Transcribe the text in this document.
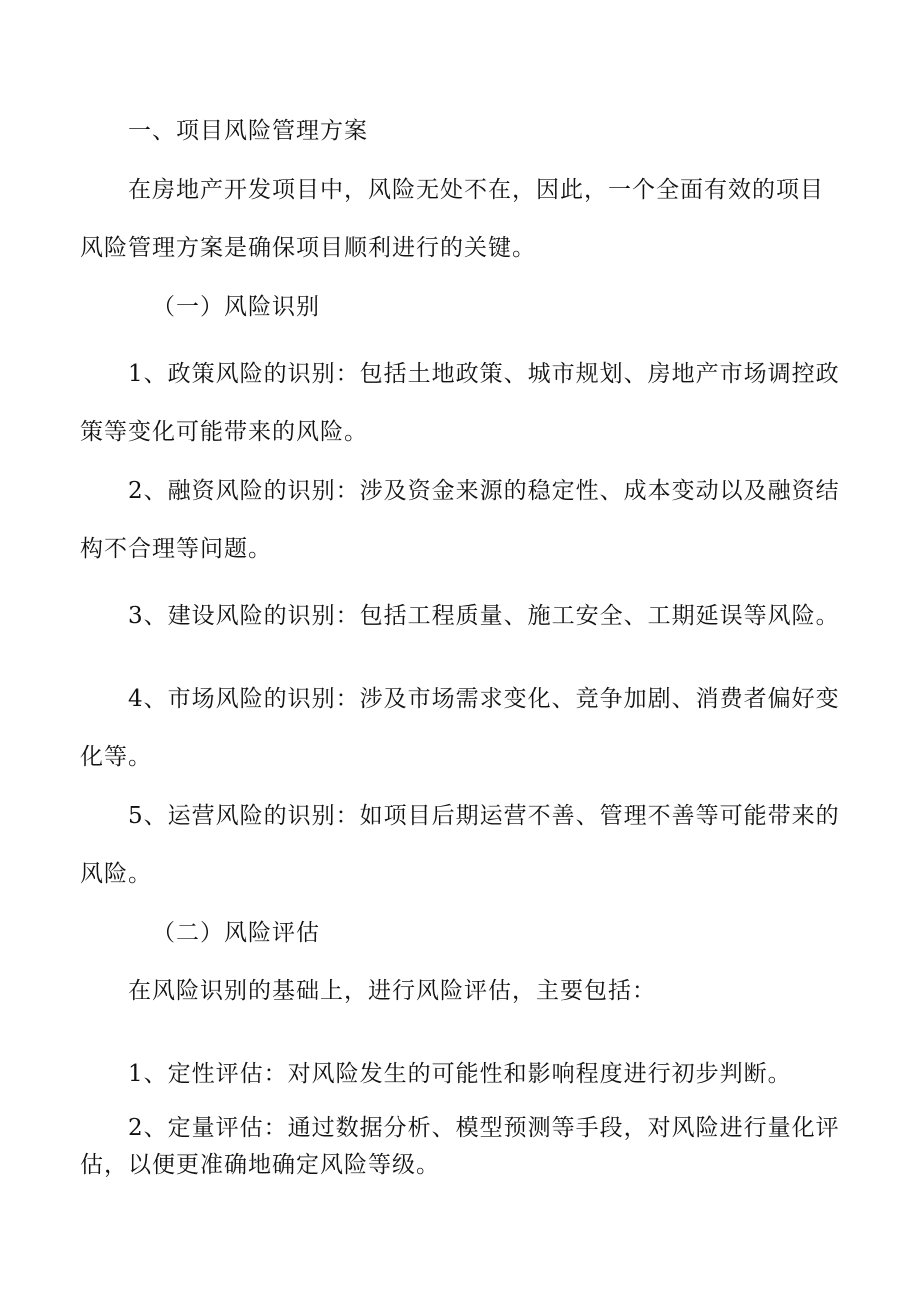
一、项目风险管理方案

在房地产开发项目中，风险无处不在，因此，一个全面有效的项目风险管理方案是确保项目顺利进行的关键。

（一）风险识别

1、政策风险的识别：包括土地政策、城市规划、房地产市场调控政策等变化可能带来的风险。

2、融资风险的识别：涉及资金来源的稳定性、成本变动以及融资结构不合理等问题。

3、建设风险的识别：包括工程质量、施工安全、工期延误等风险。

4、市场风险的识别：涉及市场需求变化、竞争加剧、消费者偏好变化等。

5、运营风险的识别：如项目后期运营不善、管理不善等可能带来的风险。

（二）风险评估

在风险识别的基础上，进行风险评估，主要包括：

1、定性评估：对风险发生的可能性和影响程度进行初步判断。

2、定量评估：通过数据分析、模型预测等手段，对风险进行量化评估，以便更准确地确定风险等级。
